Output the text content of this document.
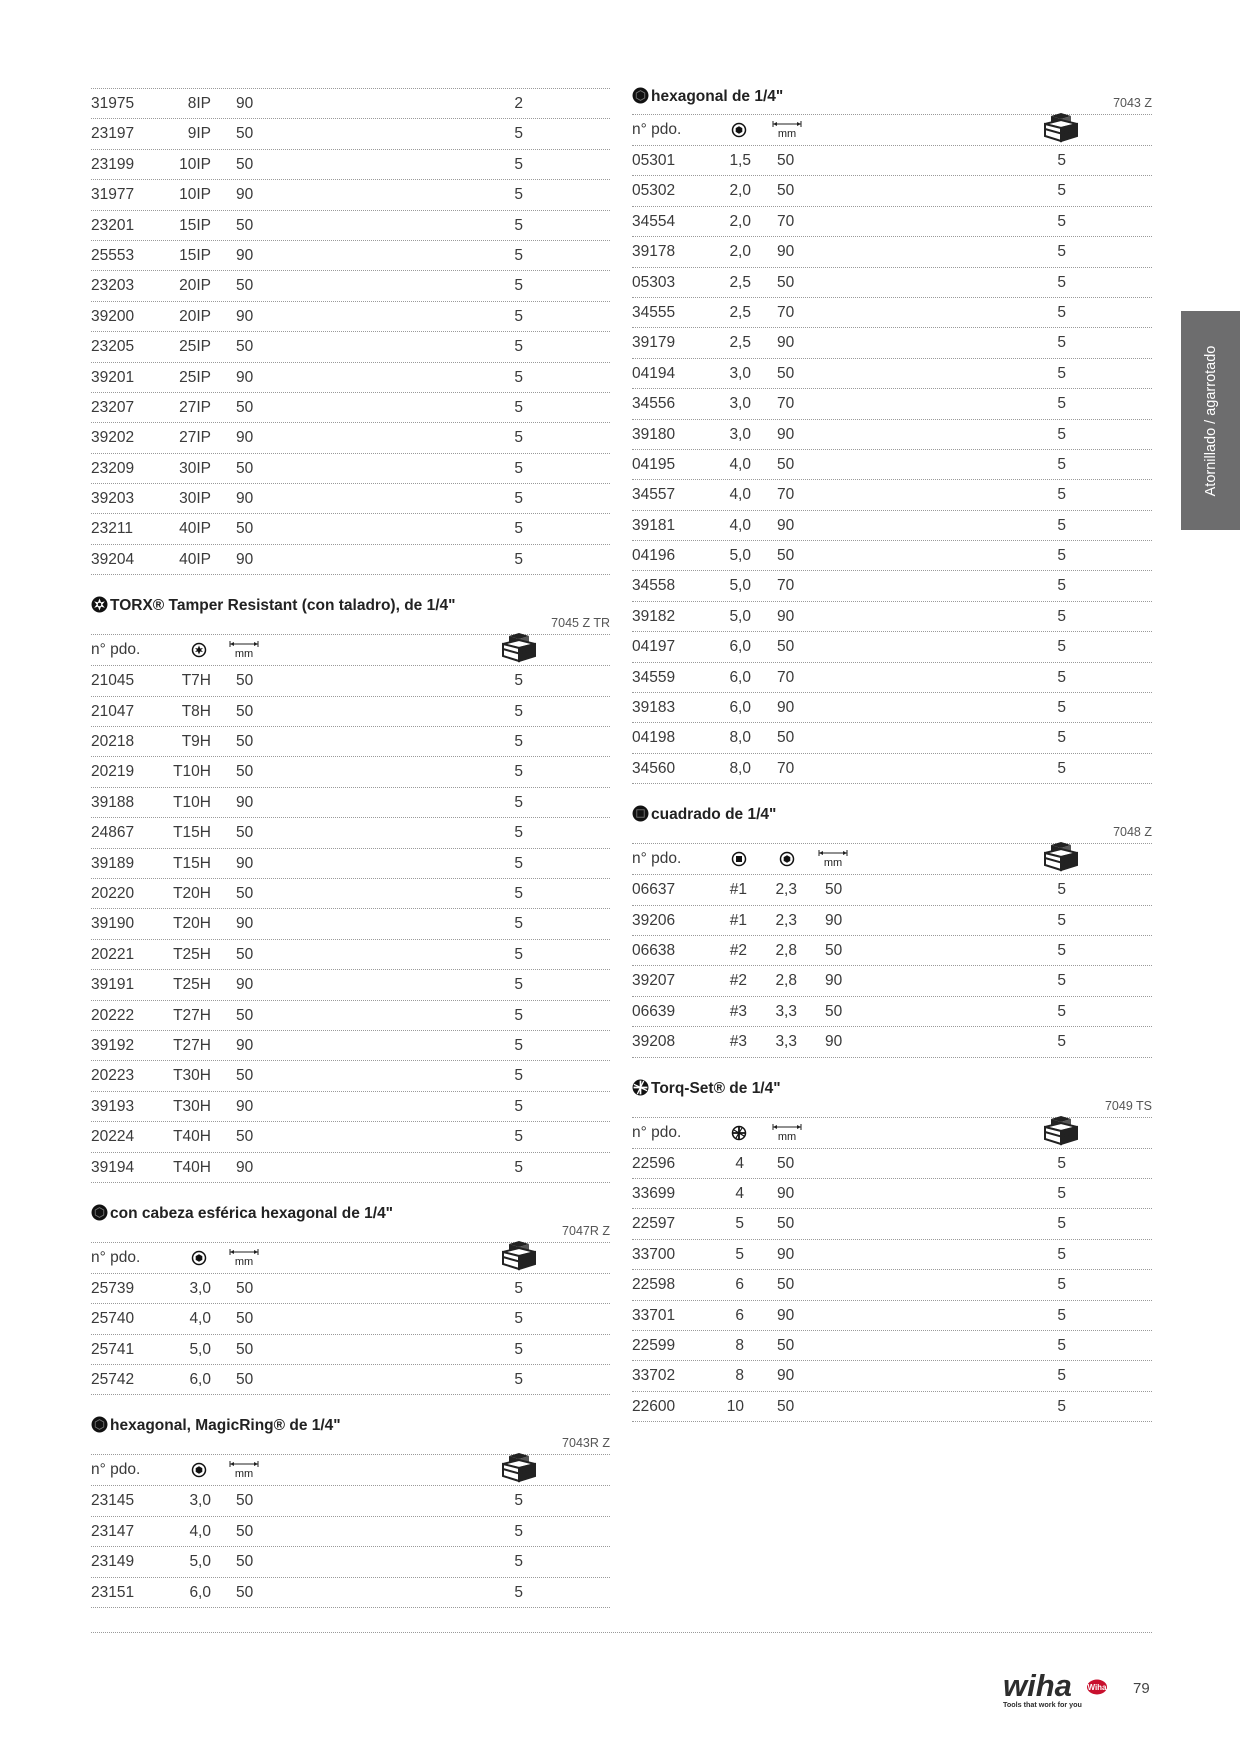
31975	8IP 90	2
23197	9IP 50	5
23199	10IP 50	5
31977	10IP 90	5
23201	15IP 50	5
25553	15IP 90	5
23203	20IP 50	5
39200	20IP 90	5
23205	25IP 50	5
39201	25IP 90	5
23207	27IP 50	5
39202	27IP 90	5
23209	30IP 50	5
39203	30IP 90	5
23211	40IP 50	5
39204	40IP 90	5
TORX® Tamper Resistant (con taladro), de 1/4"
7045 Z TR
n° pdo.	mm
21045	T7H 50	5
21047	T8H 50	5
20218	T9H 50	5
20219	T10H 50	5
39188	T10H 90	5
24867	T15H 50	5
39189	T15H 90	5
20220	T20H 50	5
39190	T20H 90	5
20221	T25H 50	5
39191	T25H 90	5
20222	T27H 50	5
39192	T27H 90	5
20223	T30H 50	5
39193	T30H 90	5
20224	T40H 50	5
39194	T40H 90	5
con cabeza esférica hexagonal de 1/4"
7047R Z
n° pdo.	mm
25739	3,0 50	5
25740	4,0 50	5
25741	5,0 50	5
25742	6,0 50	5
hexagonal, MagicRing® de 1/4"
7043R Z
n° pdo.	mm
23145	3,0 50	5
23147	4,0 50	5
23149	5,0 50	5
23151	6,0 50	5
hexagonal de 1/4"	7043 Z
n° pdo.	mm
05301	1,5 50	5
05302	2,0 50	5
34554	2,0 70	5
39178	2,0 90	5
05303	2,5 50	5
34555	2,5 70	5
39179	2,5 90	5
04194	3,0 50	5
34556	3,0 70	5
39180	3,0 90	5
04195	4,0 50	5
34557	4,0 70	5
39181	4,0 90	5
04196	5,0 50	5
34558	5,0 70	5
39182	5,0 90	5
04197	6,0 50	5
34559	6,0 70	5
39183	6,0 90	5
04198	8,0 50	5
34560	8,0 70	5
cuadrado de 1/4"
7048 Z
n° pdo.	mm
06637	#1 2,3 50	5
39206	#1 2,3 90	5
06638	#2 2,8 50	5
39207	#2 2,8 90	5
06639	#3 3,3 50	5
39208	#3 3,3 90	5
Torq-Set® de 1/4"
7049 TS
n° pdo.	mm
22596	4 50	5
33699	4 90	5
22597	5 50	5
33700	5 90	5
22598	6 50	5
33701	6 90	5
22599	8 50	5
33702	8 90	5
22600	10 50	5
Atornillado / agarrotado
wiha Wiha
Tools that work for you
79
